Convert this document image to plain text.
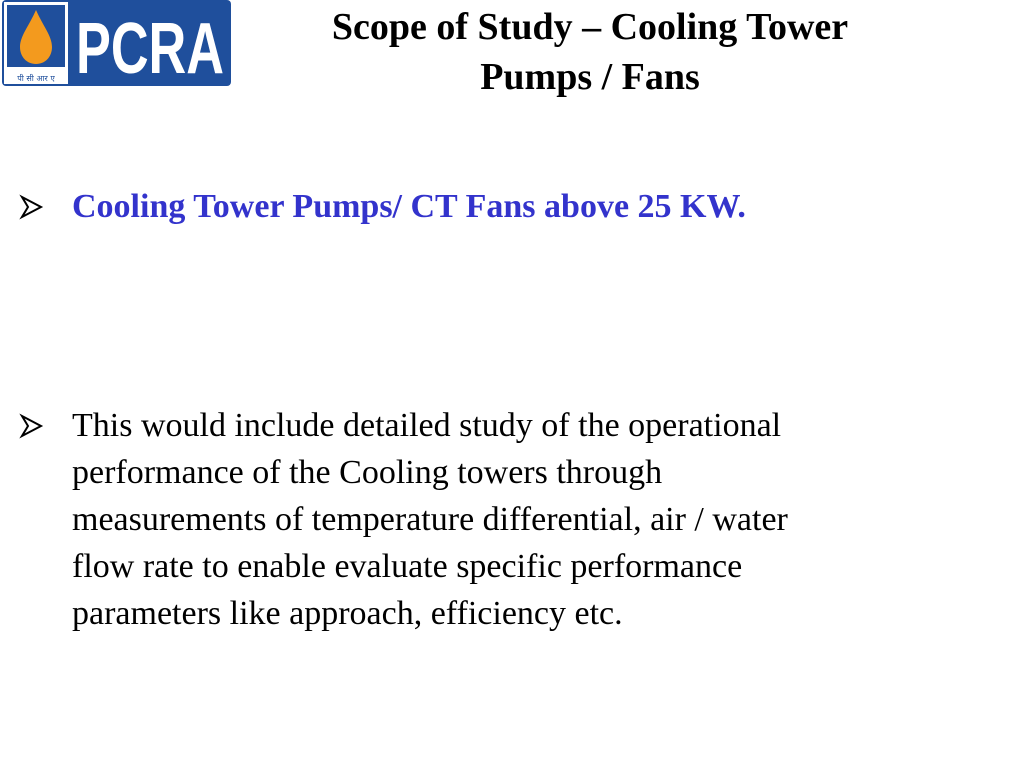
पी सी आर ए PCRA	Scope of Study – Cooling Tower
Pumps / Fans
Cooling Tower Pumps/ CT Fans above 25 KW.
This would include detailed study of the operational performance of the Cooling towers through measurements of temperature differential, air / water flow rate to enable evaluate specific performance parameters like approach, efficiency etc.
